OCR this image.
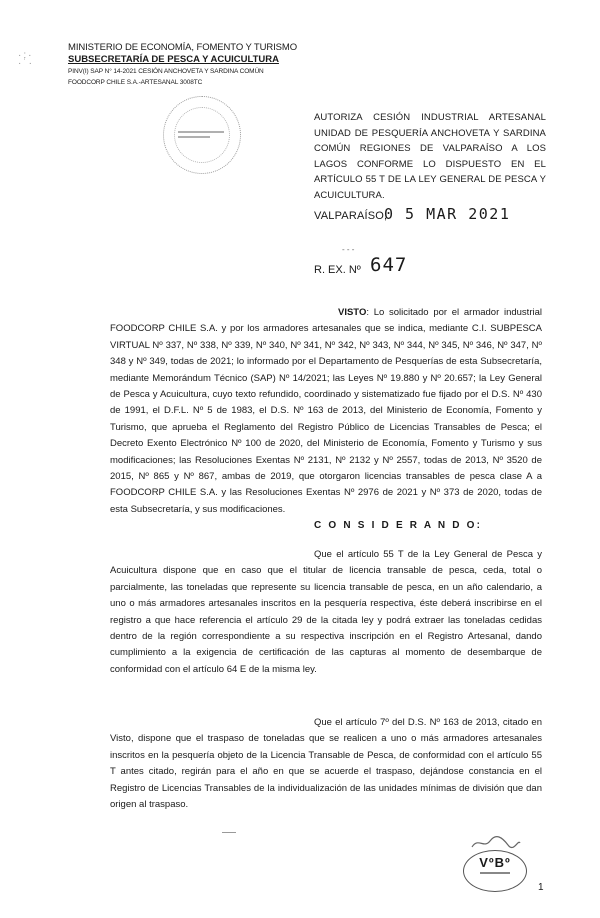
·:·
·˙·
MINISTERIO DE ECONOMÍA, FOMENTO Y TURISMO
SUBSECRETARÍA DE PESCA Y ACUICULTURA
PINV(I) SAP N° 14-2021 CESIÓN ANCHOVETA Y SARDINA COMÚN
FOODCORP CHILE S.A.-ARTESANAL 3008TC
AUTORIZA CESIÓN INDUSTRIAL ARTESANAL UNIDAD DE PESQUERÍA ANCHOVETA Y SARDINA COMÚN REGIONES DE VALPARAÍSO A LOS LAGOS CONFORME LO DISPUESTO EN EL ARTÍCULO 55 T DE LA LEY GENERAL DE PESCA Y ACUICULTURA.
VALPARAÍSO,
0 5 MAR 2021
- - -
R. EX. Nº 647

VISTO: Lo solicitado por el armador industrial FOODCORP CHILE S.A. y por los armadores artesanales que se indica, mediante C.I. SUBPESCA VIRTUAL Nº 337, Nº 338, Nº 339, Nº 340, Nº 341, Nº 342, Nº 343, Nº 344, Nº 345, Nº 346, Nº 347, Nº 348 y Nº 349, todas de 2021; lo informado por el Departamento de Pesquerías de esta Subsecretaría, mediante Memorándum Técnico (SAP) Nº 14/2021; las Leyes Nº 19.880 y Nº 20.657; la Ley General de Pesca y Acuicultura, cuyo texto refundido, coordinado y sistematizado fue fijado por el D.S. Nº 430 de 1991, el D.F.L. Nº 5 de 1983, el D.S. Nº 163 de 2013, del Ministerio de Economía, Fomento y Turismo, que aprueba el Reglamento del Registro Público de Licencias Transables de Pesca; el Decreto Exento Electrónico Nº 100 de 2020, del Ministerio de Economía, Fomento y Turismo y sus modificaciones; las Resoluciones Exentas Nº 2131, Nº 2132 y Nº 2557, todas de 2013, Nº 3520 de 2015, Nº 865 y Nº 867, ambas de 2019, que otorgaron licencias transables de pesca clase A a FOODCORP CHILE S.A. y las Resoluciones Exentas Nº 2976 de 2021 y Nº 373 de 2020, todas de esta Subsecretaría, y sus modificaciones.

C O N S I D E R A N D O:

Que el artículo 55 T de la Ley General de Pesca y Acuicultura dispone que en caso que el titular de licencia transable de pesca, ceda, total o parcialmente, las toneladas que represente su licencia transable de pesca, en un año calendario, a uno o más armadores artesanales inscritos en la pesquería respectiva, éste deberá inscribirse en el registro a que hace referencia el artículo 29 de la citada ley y podrá extraer las toneladas cedidas dentro de la región correspondiente a su respectiva inscripción en el Registro Artesanal, dando cumplimiento a la exigencia de certificación de las capturas al momento de desembarque de conformidad con el artículo 64 E de la misma ley.

Que el artículo 7º del D.S. Nº 163 de 2013, citado en Visto, dispone que el traspaso de toneladas que se realicen a uno o más armadores artesanales inscritos en la pesquería objeto de la Licencia Transable de Pesca, de conformidad con el artículo 55 T antes citado, regirán para el año en que se acuerde el traspaso, dejándose constancia en el Registro de Licencias Transables de la individualización de las unidades mínimas de división que dan origen al traspaso.

VºBº
1
